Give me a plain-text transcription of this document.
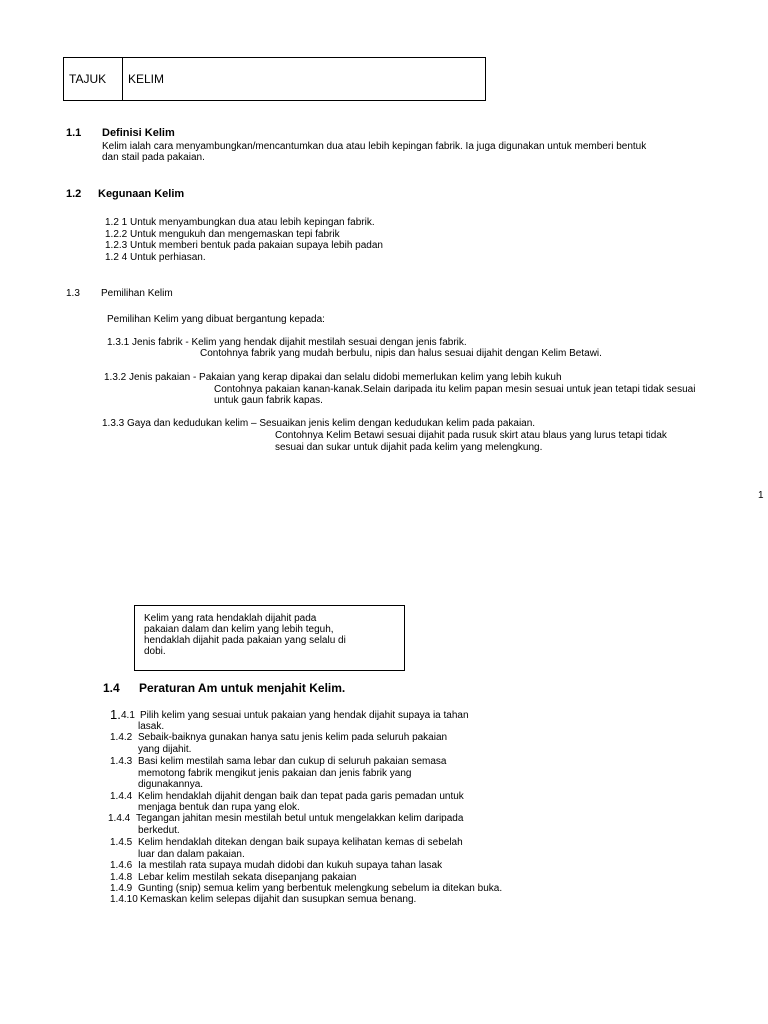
TAJUK KELIM
1.1 Definisi Kelim
Kelim ialah cara menyambungkan/mencantumkan dua atau lebih kepingan fabrik. Ia juga digunakan untuk memberi bentuk
dan stail pada pakaian.
1.2 Kegunaan Kelim
1.2 1 Untuk menyambungkan dua atau lebih kepingan fabrik.
1.2.2 Untuk mengukuh dan mengemaskan tepi fabrik
1.2.3 Untuk memberi bentuk pada pakaian supaya lebih padan
1.2 4 Untuk perhiasan.
1.3 Pemilihan Kelim
Pemilihan Kelim yang dibuat bergantung kepada:
1.3.1 Jenis fabrik - Kelim yang hendak dijahit mestilah sesuai dengan jenis fabrik.
Contohnya fabrik yang mudah berbulu, nipis dan halus sesuai dijahit dengan Kelim Betawi.
1.3.2 Jenis pakaian - Pakaian yang kerap dipakai dan selalu didobi memerlukan kelim yang lebih kukuh
Contohnya pakaian kanan-kanak.Selain daripada itu kelim papan mesin sesuai untuk jean tetapi tidak sesuai
untuk gaun fabrik kapas.
1.3.3 Gaya dan kedudukan kelim – Sesuaikan jenis kelim dengan kedudukan kelim pada pakaian.
Contohnya Kelim Betawi sesuai dijahit pada rusuk skirt atau blaus yang lurus tetapi tidak
sesuai dan sukar untuk dijahit pada kelim yang melengkung.
1
Kelim yang rata hendaklah dijahit pada
pakaian dalam dan kelim yang lebih teguh,
hendaklah dijahit pada pakaian yang selalu di
dobi.
1.4 Peraturan Am untuk menjahit Kelim.
1. 4.1 Pilih kelim yang sesuai untuk pakaian yang hendak dijahit supaya ia tahan
lasak.
1.4.2 Sebaik-baiknya gunakan hanya satu jenis kelim pada seluruh pakaian
yang dijahit.
1.4.3 Basi kelim mestilah sama lebar dan cukup di seluruh pakaian semasa
memotong fabrik mengikut jenis pakaian dan jenis fabrik yang
digunakannya.
1.4.4 Kelim hendaklah dijahit dengan baik dan tepat pada garis pemadan untuk
menjaga bentuk dan rupa yang elok.
1.4.4 Tegangan jahitan mesin mestilah betul untuk mengelakkan kelim daripada
berkedut.
1.4.5 Kelim hendaklah ditekan dengan baik supaya kelihatan kemas di sebelah
luar dan dalam pakaian.
1.4.6 Ia mestilah rata supaya mudah didobi dan kukuh supaya tahan lasak
1.4.8 Lebar kelim mestilah sekata disepanjang pakaian
1.4.9 Gunting (snip) semua kelim yang berbentuk melengkung sebelum ia ditekan buka.
1.4.10 Kemaskan kelim selepas dijahit dan susupkan semua benang.
